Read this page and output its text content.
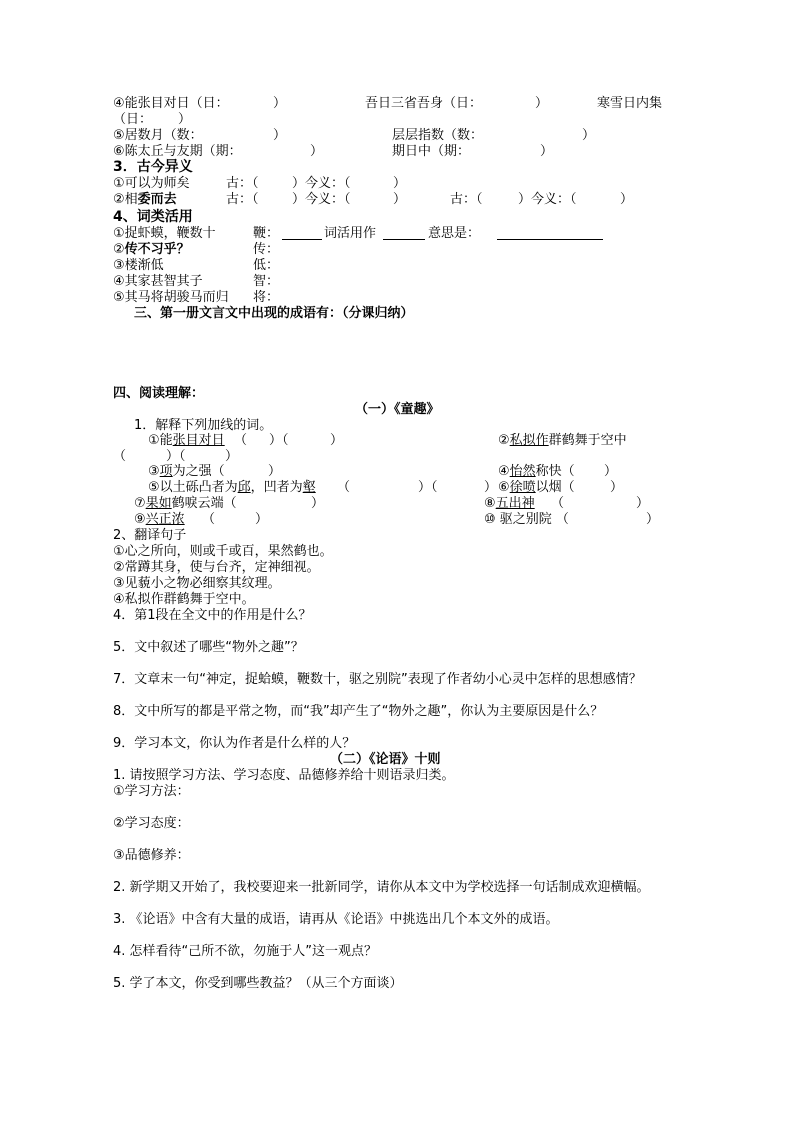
④能张目对日（日：	）	吾日三省吾身（日：	）	寒雪日内集
（日： ）
⑤居数月（数：	）	层层指数（数：	）
⑥陈太丘与友期（期：	）	期日中（期：	）
3．古今异义
①可以为师矣	古：（	）今义：（	）
②相委而去	古：（	）今义：（	）	古：（	）今义：（	）
4、词类活用
①捉虾蟆，鞭数十	鞭：	词活用作	意思是：
②传不习乎？	传：
③楼渐低	低：
④其家甚智其子	智：
⑤其马将胡骏马而归 将：
三、第一册文言文中出现的成语有：（分课归纳）
四、阅读理解：
（一）《童趣》
1．解释下列加线的词。
①能张目对日 （ ）（	）	②私拟作群鹤舞于空中
（	）（	）
③项为之强（	）	④怡然称快（ ）
⑤以土砾凸者为邱，凹者为壑 （	）（	） ⑥徐喷以烟（	）
⑦果如鹤唳云端（	）	⑧五出神 （	）
⑨兴正浓 （	）	⑩ 驱之别院 （	）
2、翻译句子
①心之所向，则或千或百，果然鹤也。
②常蹲其身，使与台齐，定神细视。
③见藐小之物必细察其纹理。
④私拟作群鹤舞于空中。
4．第1段在全文中的作用是什么？
5．文中叙述了哪些“物外之趣”？
7．文章末一句“神定，捉蛤蟆，鞭数十，驱之别院”表现了作者幼小心灵中怎样的思想感情？
8．文中所写的都是平常之物，而“我”却产生了“物外之趣”，你认为主要原因是什么？
9．学习本文，你认为作者是什么样的人？
（二）《论语》十则
1. 请按照学习方法、学习态度、品德修养给十则语录归类。
①学习方法：
②学习态度：
③品德修养：
2. 新学期又开始了，我校要迎来一批新同学，请你从本文中为学校选择一句话制成欢迎横幅。
3. 《论语》中含有大量的成语，请再从《论语》中挑选出几个本文外的成语。
4. 怎样看待“己所不欲，勿施于人”这一观点？
5. 学了本文，你受到哪些教益？（从三个方面谈）
